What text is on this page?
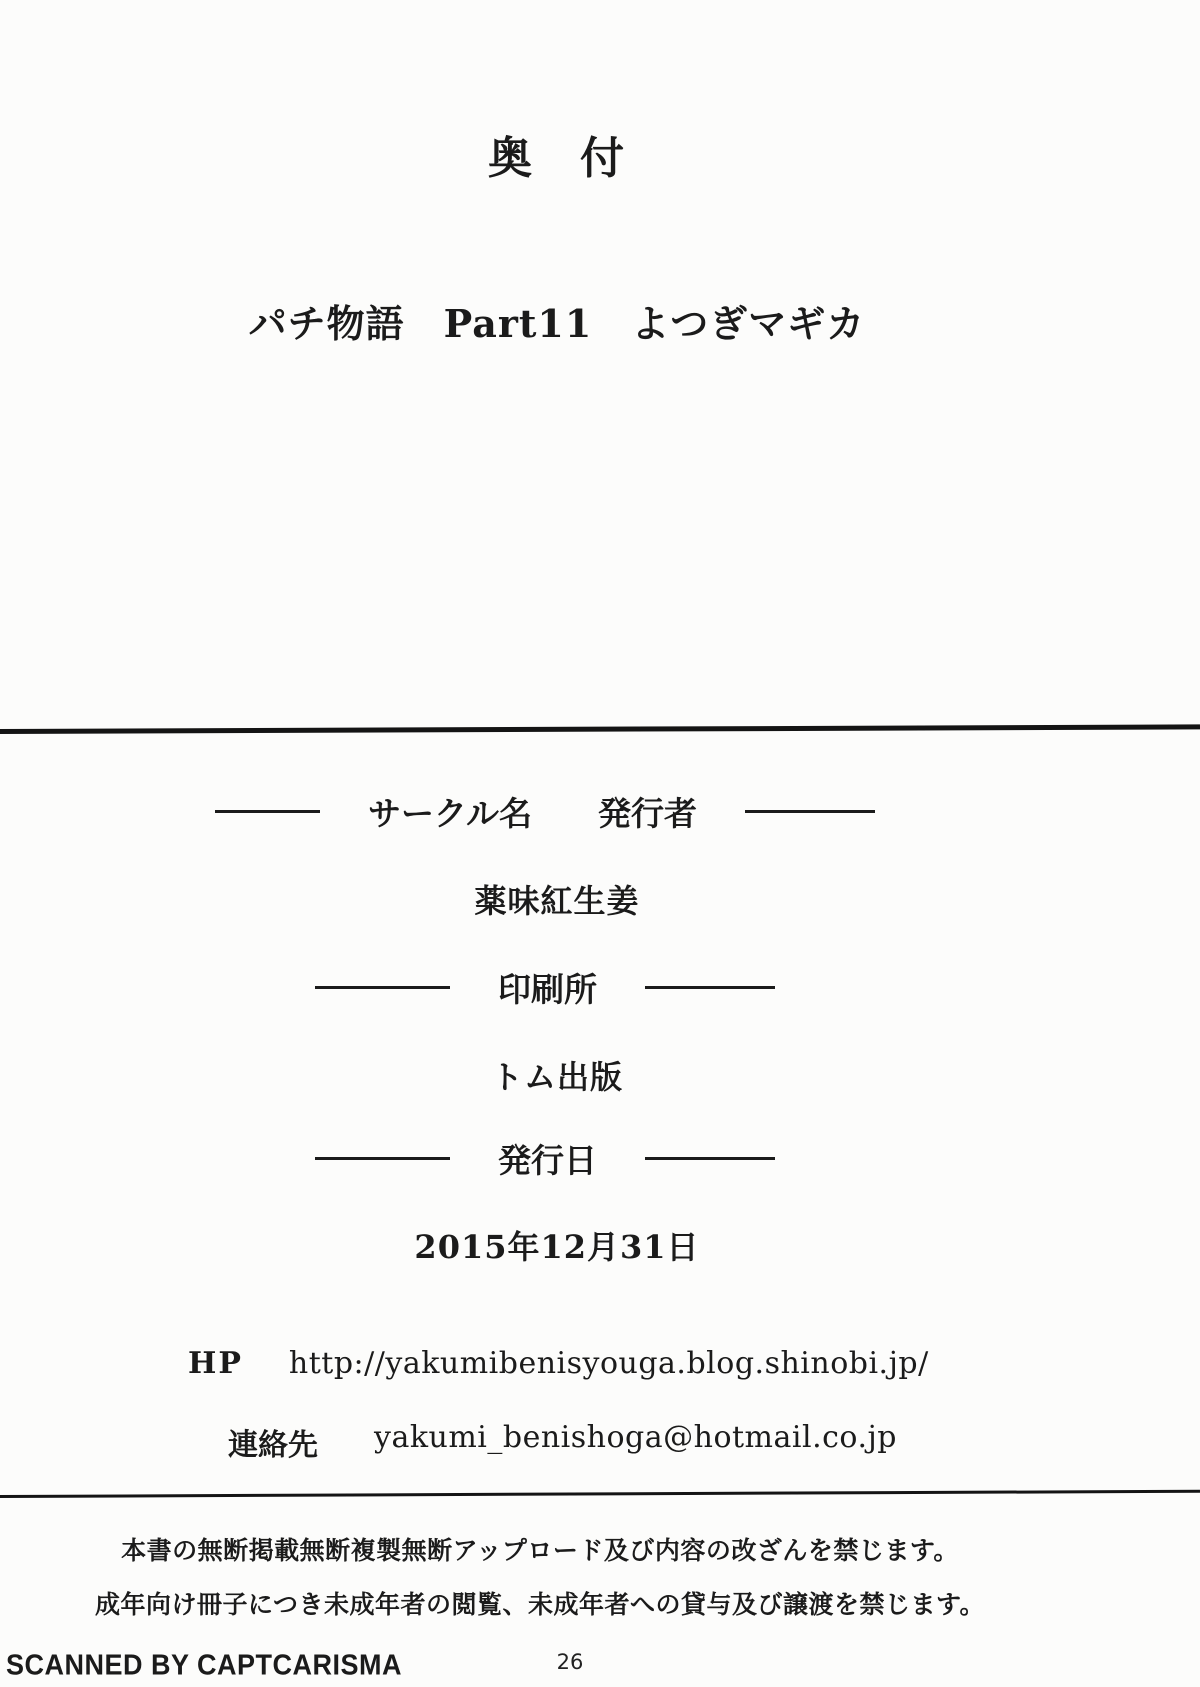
奥　付
パチ物語　Part11　よつぎマギカ
サークル名　　発行者
薬味紅生姜
印刷所
トム出版
発行日
2015年12月31日
HP http://yakumibenisyouga.blog.shinobi.jp/
連絡先 yakumi_benishoga@hotmail.co.jp
本書の無断掲載無断複製無断アップロード及び内容の改ざんを禁じます。
成年向け冊子につき未成年者の閲覧、未成年者への貸与及び譲渡を禁じます。
SCANNED BY CAPTCARISMA	26
